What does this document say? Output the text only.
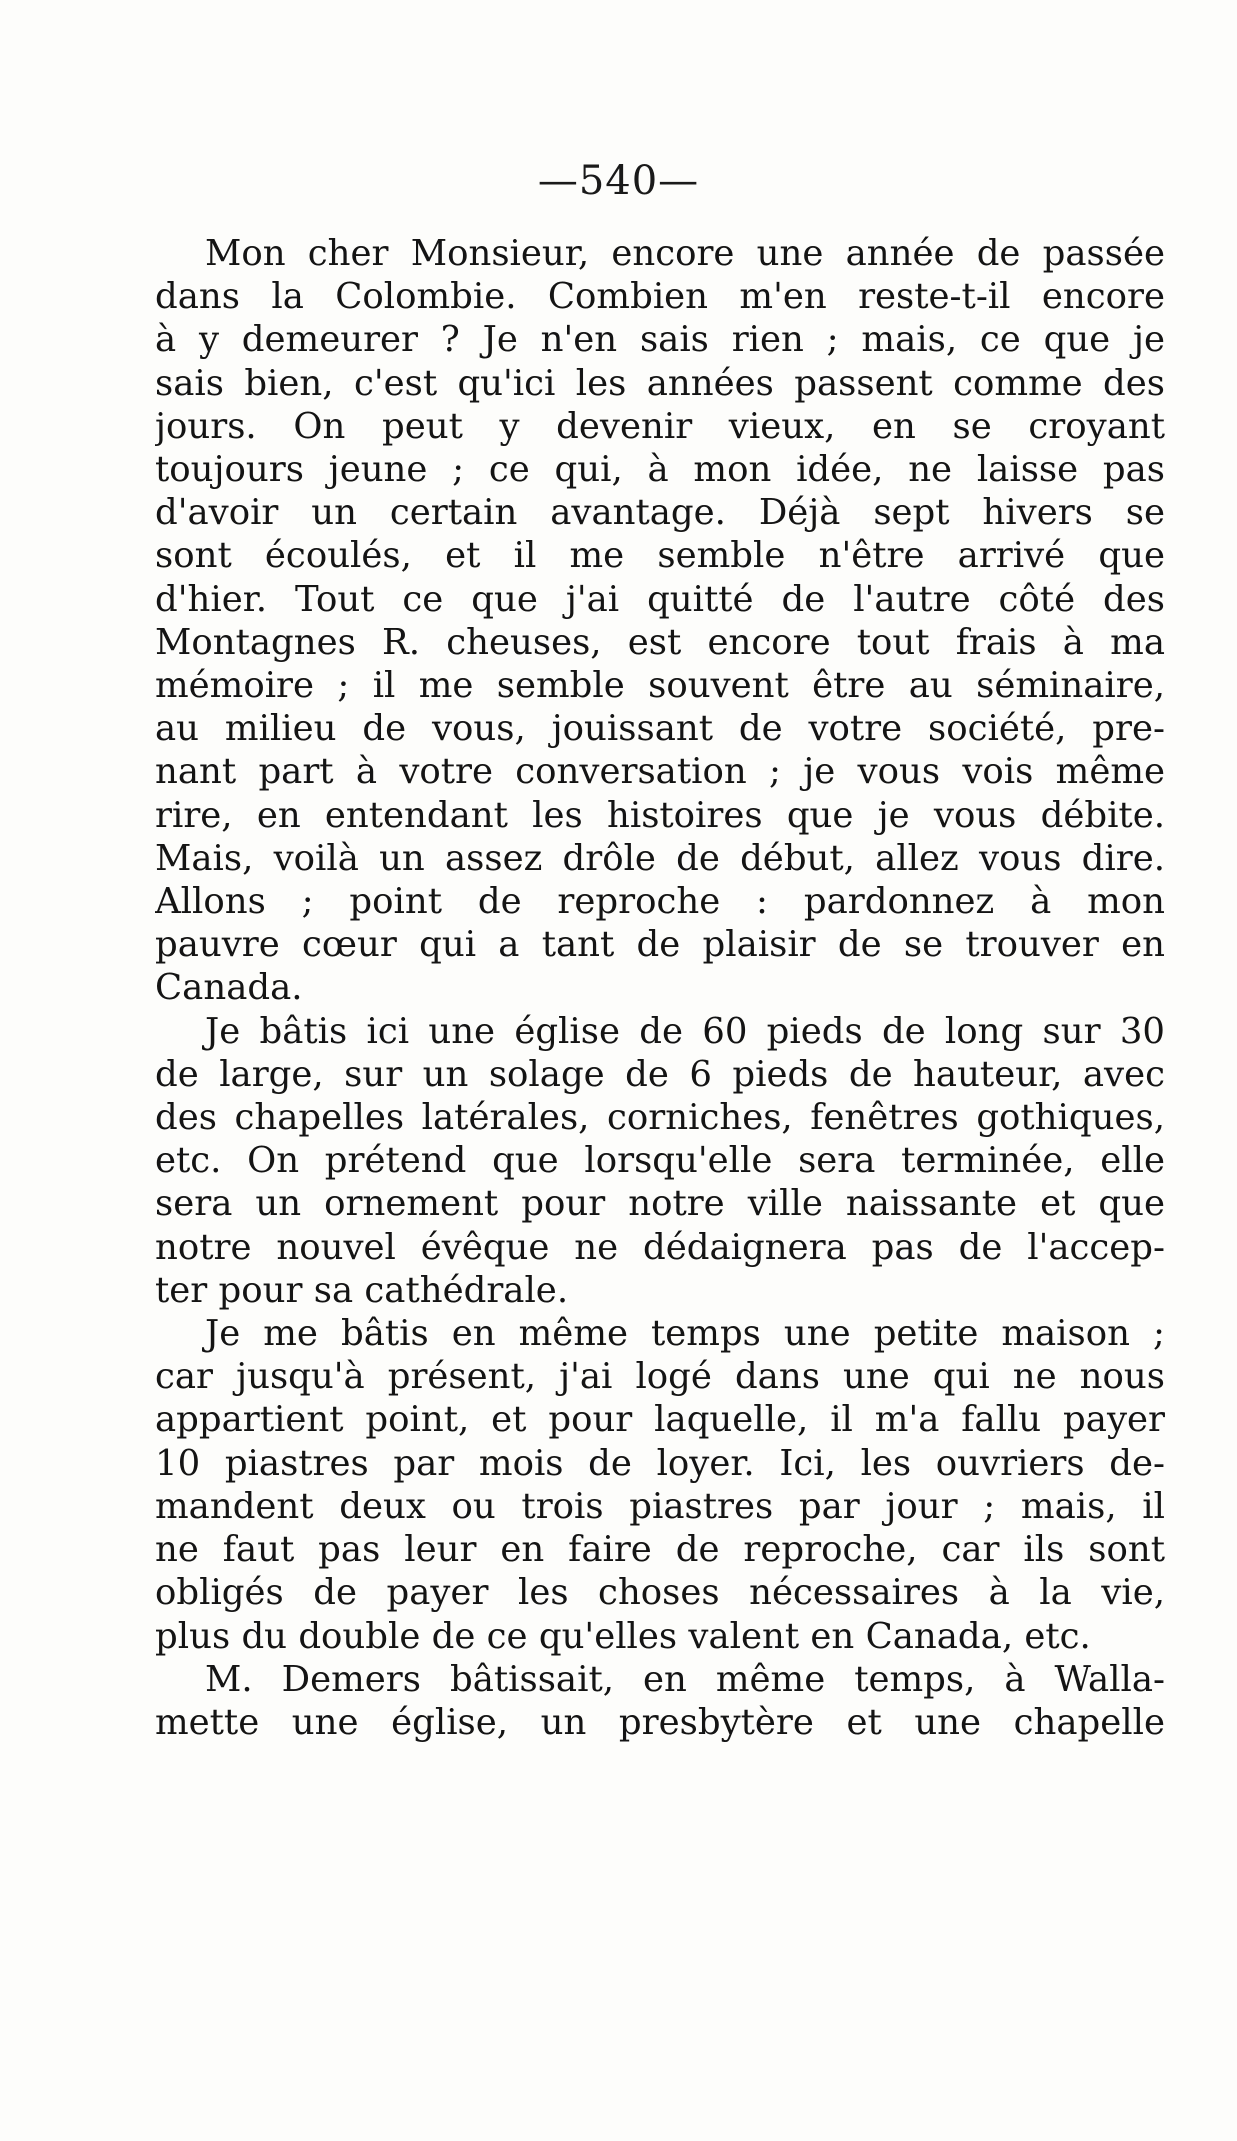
—540—
Mon cher Monsieur, encore une année de passée
dans la Colombie. Combien m'en reste-t-il encore
à y demeurer ? Je n'en sais rien ; mais, ce que je
sais bien, c'est qu'ici les années passent comme des
jours. On peut y devenir vieux, en se croyant
toujours jeune ; ce qui, à mon idée, ne laisse pas
d'avoir un certain avantage. Déjà sept hivers se
sont écoulés, et il me semble n'être arrivé que
d'hier. Tout ce que j'ai quitté de l'autre côté des
Montagnes R. cheuses, est encore tout frais à ma
mémoire ; il me semble souvent être au séminaire,
au milieu de vous, jouissant de votre société, pre-
nant part à votre conversation ; je vous vois même
rire, en entendant les histoires que je vous débite.
Mais, voilà un assez drôle de début, allez vous dire.
Allons ; point de reproche : pardonnez à mon
pauvre cœur qui a tant de plaisir de se trouver en
Canada.
Je bâtis ici une église de 60 pieds de long sur 30
de large, sur un solage de 6 pieds de hauteur, avec
des chapelles latérales, corniches, fenêtres gothiques,
etc. On prétend que lorsqu'elle sera terminée, elle
sera un ornement pour notre ville naissante et que
notre nouvel évêque ne dédaignera pas de l'accep-
ter pour sa cathédrale.
Je me bâtis en même temps une petite maison ;
car jusqu'à présent, j'ai logé dans une qui ne nous
appartient point, et pour laquelle, il m'a fallu payer
10 piastres par mois de loyer. Ici, les ouvriers de-
mandent deux ou trois piastres par jour ; mais, il
ne faut pas leur en faire de reproche, car ils sont
obligés de payer les choses nécessaires à la vie,
plus du double de ce qu'elles valent en Canada, etc.
M. Demers bâtissait, en même temps, à Walla-
mette une église, un presbytère et une chapelle
